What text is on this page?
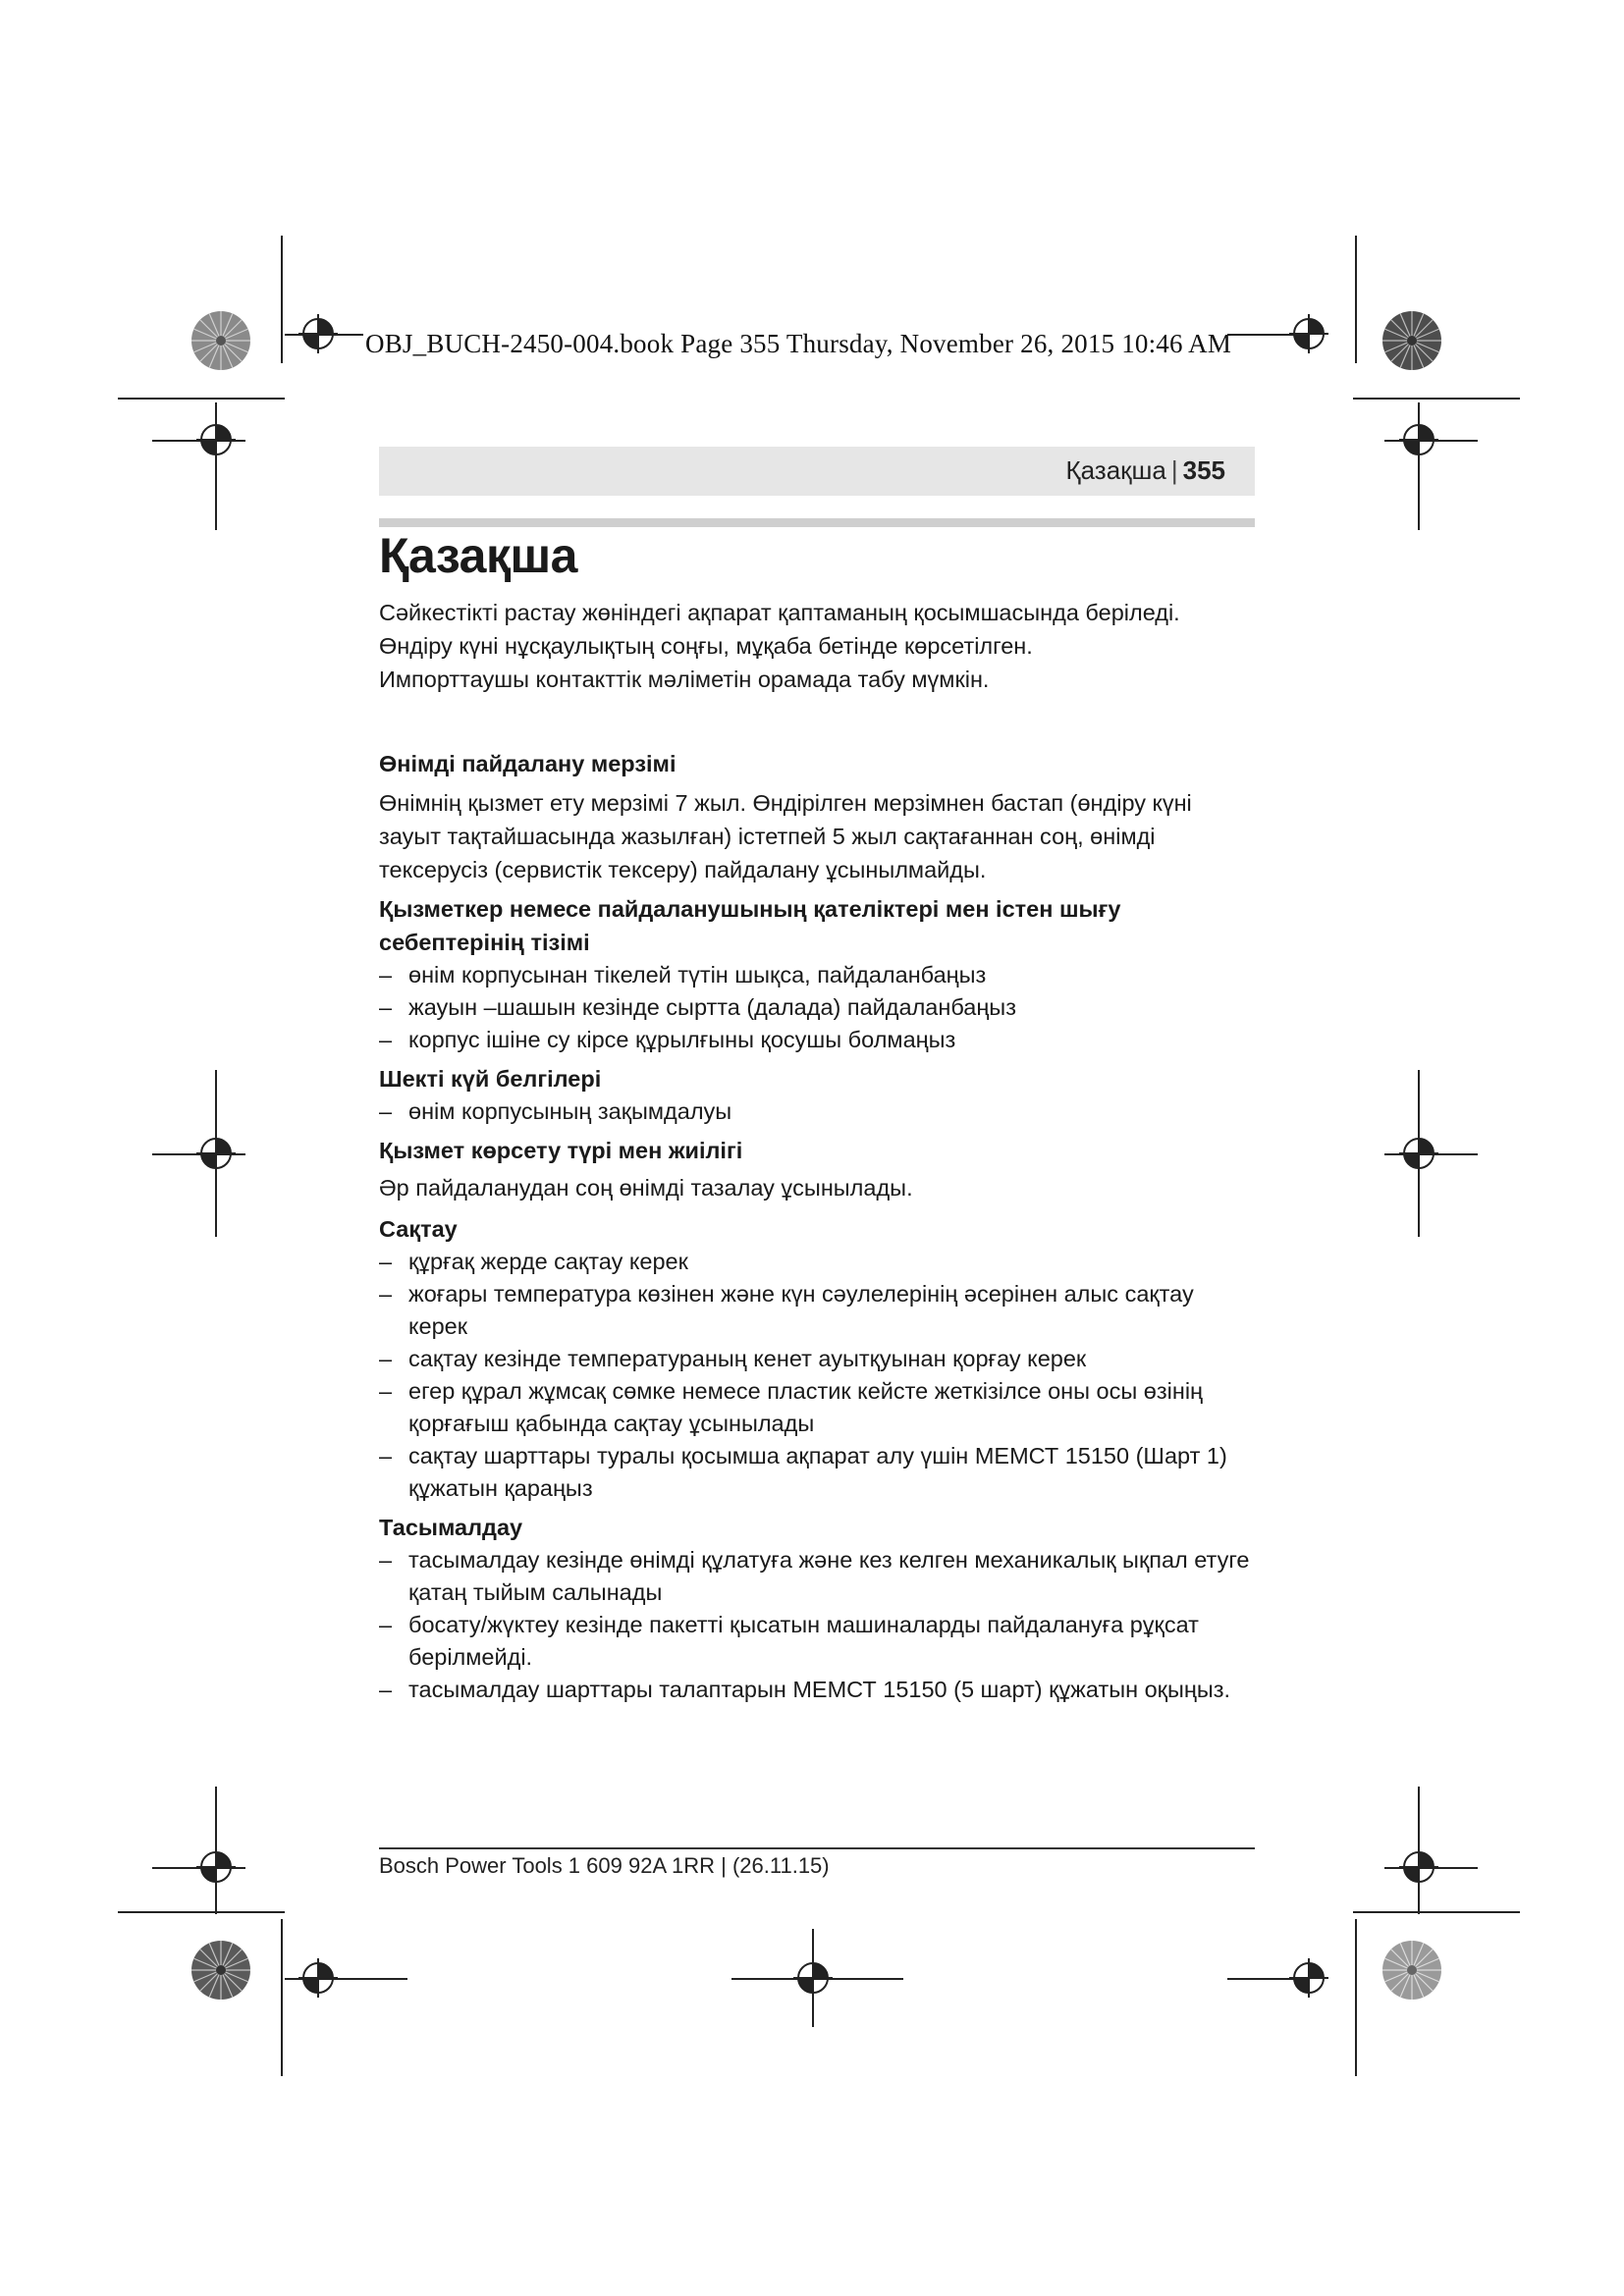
OBJ_BUCH-2450-004.book Page 355 Thursday, November 26, 2015 10:46 AM
Қазақша | 355
Қазақша

Сәйкестікті растау жөніндегі ақпарат қаптаманың қосымшасында беріледі.

Өндіру күні нұсқаулықтың соңғы, мұқаба бетінде көрсетілген.

Импорттаушы контакттік мәліметін орамада табу мүмкін.

Өнімді пайдалану мерзімі

Өнімнің қызмет ету мерзімі 7 жыл. Өндірілген мерзімнен бастап (өндіру күні

зауыт тақтайшасында жазылған) істетпей 5 жыл сақтағаннан соң, өнімді

тексерусіз (сервистік тексеру) пайдалану ұсынылмайды.

Қызметкер немесе пайдаланушының қателіктері мен істен шығу
себептерінің тізімі
– өнім корпусынан тікелей түтін шықса, пайдаланбаңыз
– жауын –шашын кезінде сыртта (далада) пайдаланбаңыз
– корпус ішіне су кірсе құрылғыны қосушы болмаңыз
Шекті күй белгілері
– өнім корпусының зақымдалуы
Қызмет көрсету түрі мен жиілігі

Әр пайдаланудан соң өнімді тазалау ұсынылады.

Сақтау
– құрғақ жерде сақтау керек
– жоғары температура көзінен және күн сәулелерінің әсерінен алыс сақтау
керек
– сақтау кезінде температураның кенет ауытқуынан қорғау керек
– егер құрал жұмсақ сөмке немесе пластик кейсте жеткізілсе оны осы өзінің
қорғағыш қабында сақтау ұсынылады
– сақтау шарттары туралы қосымша ақпарат алу үшін МЕМСТ 15150 (Шарт 1)
құжатын қараңыз
Тасымалдау
– тасымалдау кезінде өнімді құлатуға және кез келген механикалық ықпал етуге
қатаң тыйым салынады
– босату/жүктеу кезінде пакетті қысатын машиналарды пайдалануға рұқсат
берілмейді.
– тасымалдау шарттары талаптарын МЕМСТ 15150 (5 шарт) құжатын оқыңыз.
Bosch Power Tools 1 609 92A 1RR | (26.11.15)
